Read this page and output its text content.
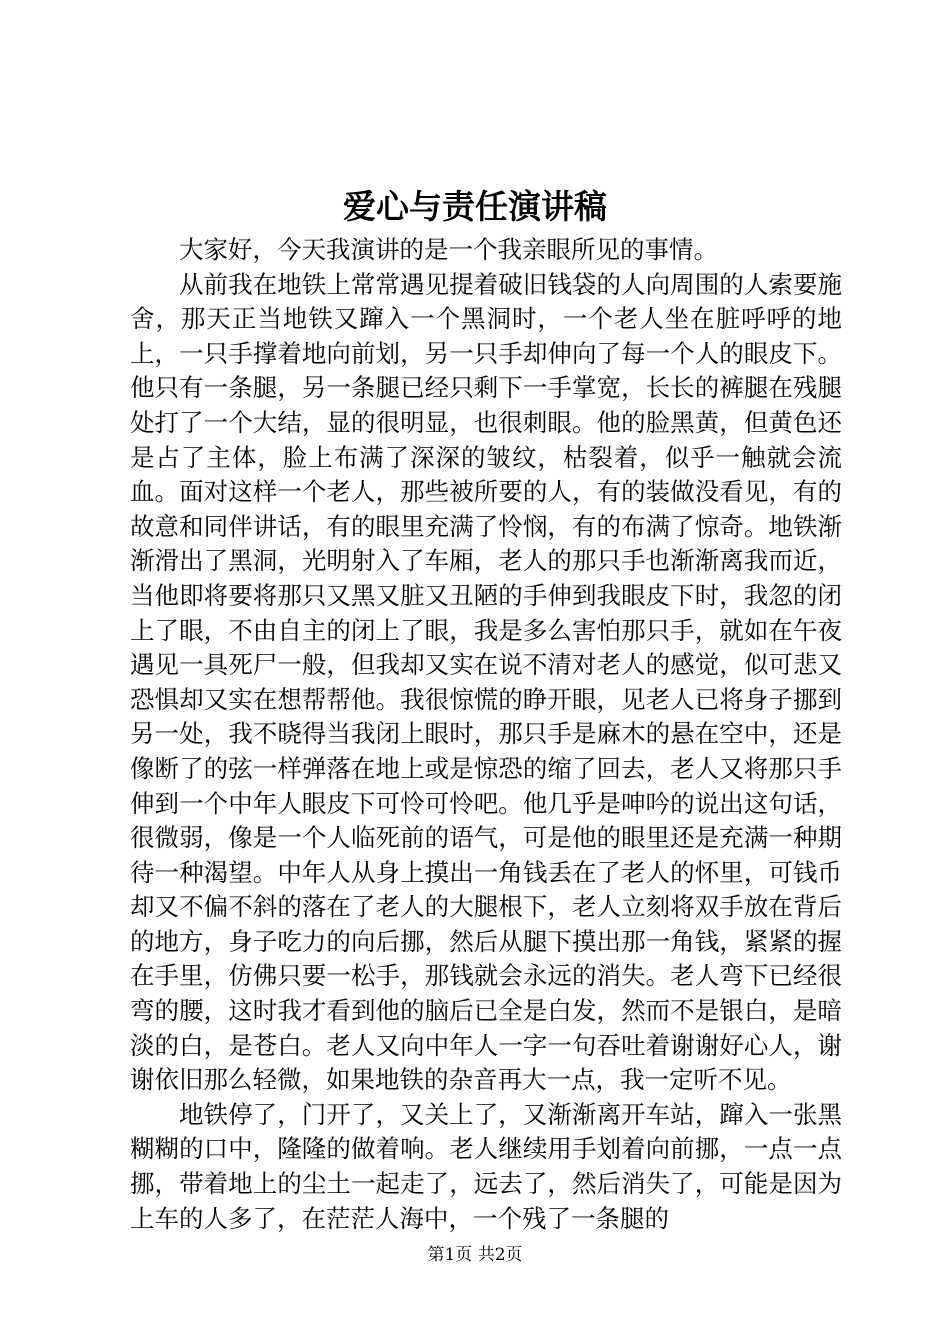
爱心与责任演讲稿

大家好，今天我演讲的是一个我亲眼所见的事情。

从前我在地铁上常常遇见提着破旧钱袋的人向周围的人索要施舍，那天正当地铁又蹿入一个黑洞时，一个老人坐在脏呼呼的地上，一只手撑着地向前划，另一只手却伸向了每一个人的眼皮下。他只有一条腿，另一条腿已经只剩下一手掌宽，长长的裤腿在残腿处打了一个大结，显的很明显，也很刺眼。他的脸黑黄，但黄色还是占了主体，脸上布满了深深的皱纹，枯裂着，似乎一触就会流血。面对这样一个老人，那些被所要的人，有的装做没看见，有的故意和同伴讲话，有的眼里充满了怜悯，有的布满了惊奇。地铁渐渐滑出了黑洞，光明射入了车厢，老人的那只手也渐渐离我而近，当他即将要将那只又黑又脏又丑陋的手伸到我眼皮下时，我忽的闭上了眼，不由自主的闭上了眼，我是多么害怕那只手，就如在午夜遇见一具死尸一般，但我却又实在说不清对老人的感觉，似可悲又恐惧却又实在想帮帮他。我很惊慌的睁开眼，见老人已将身子挪到另一处，我不晓得当我闭上眼时，那只手是麻木的悬在空中，还是像断了的弦一样弹落在地上或是惊恐的缩了回去，老人又将那只手伸到一个中年人眼皮下可怜可怜吧。他几乎是呻吟的说出这句话，很微弱，像是一个人临死前的语气，可是他的眼里还是充满一种期待一种渴望。中年人从身上摸出一角钱丢在了老人的怀里，可钱币却又不偏不斜的落在了老人的大腿根下，老人立刻将双手放在背后的地方，身子吃力的向后挪，然后从腿下摸出那一角钱，紧紧的握在手里，仿佛只要一松手，那钱就会永远的消失。老人弯下已经很弯的腰，这时我才看到他的脑后已全是白发，然而不是银白，是暗淡的白，是苍白。老人又向中年人一字一句吞吐着谢谢好心人，谢谢依旧那么轻微，如果地铁的杂音再大一点，我一定听不见。

地铁停了，门开了，又关上了，又渐渐离开车站，蹿入一张黑糊糊的口中，隆隆的做着响。老人继续用手划着向前挪，一点一点挪，带着地上的尘土一起走了，远去了，然后消失了，可能是因为上车的人多了，在茫茫人海中，一个残了一条腿的

第1页 共2页
